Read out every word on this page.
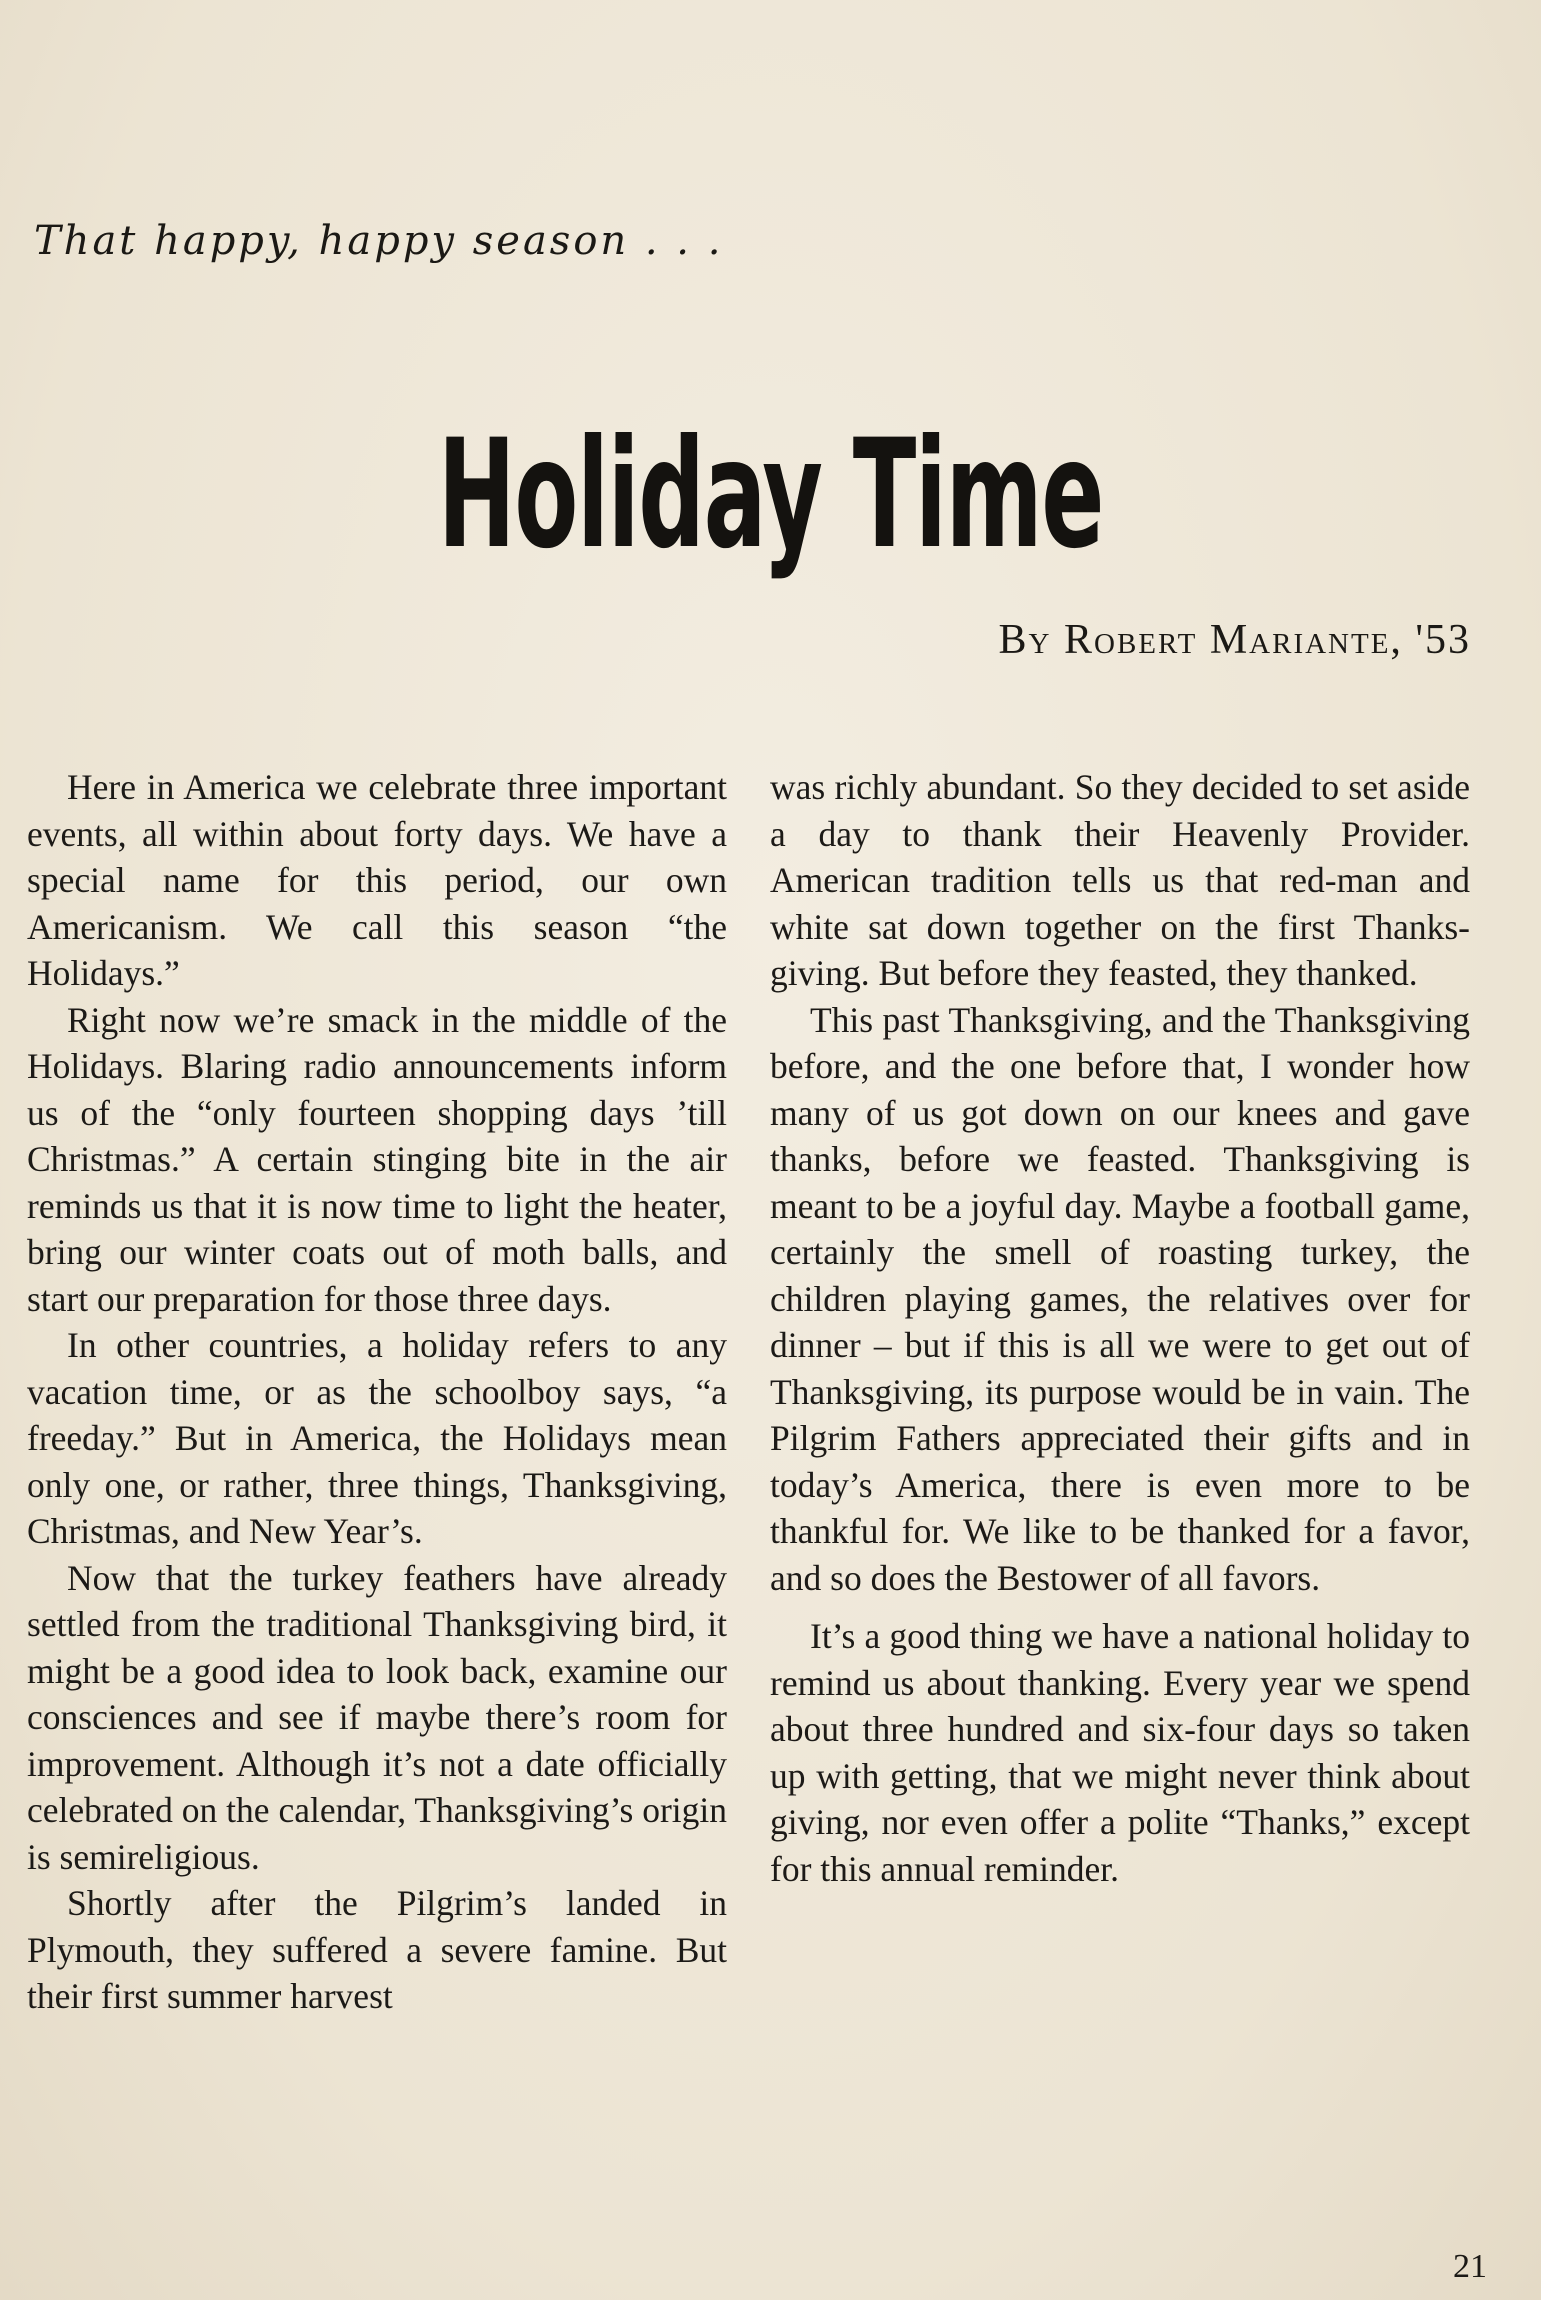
That happy, happy season . . .

Holiday Time

By Robert Mariante, '53

Here in America we celebrate three important events, all within about forty days. We have a special name for this period, our own Americanism. We call this season “the Holidays.”

Right now we’re smack in the middle of the Holidays. Blaring radio announcements inform us of the “only fourteen shopping days ’till Christmas.” A certain stinging bite in the air reminds us that it is now time to light the heater, bring our winter coats out of moth balls, and start our preparation for those three days.

In other countries, a holiday refers to any vacation time, or as the schoolboy says, “a freeday.” But in America, the Holidays mean only one, or rather, three things, Thanksgiving, Christmas, and New Year’s.

Now that the turkey feathers have already settled from the traditional Thanksgiving bird, it might be a good idea to look back, examine our consciences and see if maybe there’s room for improvement. Although it’s not a date officially celebrated on the calendar, Thanksgiving’s origin is semireligious.

Shortly after the Pilgrim’s landed in Plymouth, they suffered a severe famine. But their first summer harvest

was richly abundant. So they decided to set aside a day to thank their Heavenly Provider. American tradition tells us that red-man and white sat down together on the first Thanksgiving. But before they feasted, they thanked.

This past Thanksgiving, and the Thanksgiving before, and the one before that, I wonder how many of us got down on our knees and gave thanks, before we feasted. Thanksgiving is meant to be a joyful day. Maybe a football game, certainly the smell of roasting turkey, the children playing games, the relatives over for dinner – but if this is all we were to get out of Thanksgiving, its purpose would be in vain. The Pilgrim Fathers appreciated their gifts and in today’s America, there is even more to be thankful for. We like to be thanked for a favor, and so does the Bestower of all favors.

It’s a good thing we have a national holiday to remind us about thanking. Every year we spend about three hundred and six-four days so taken up with getting, that we might never think about giving, nor even offer a polite “Thanks,” except for this annual reminder.

21
